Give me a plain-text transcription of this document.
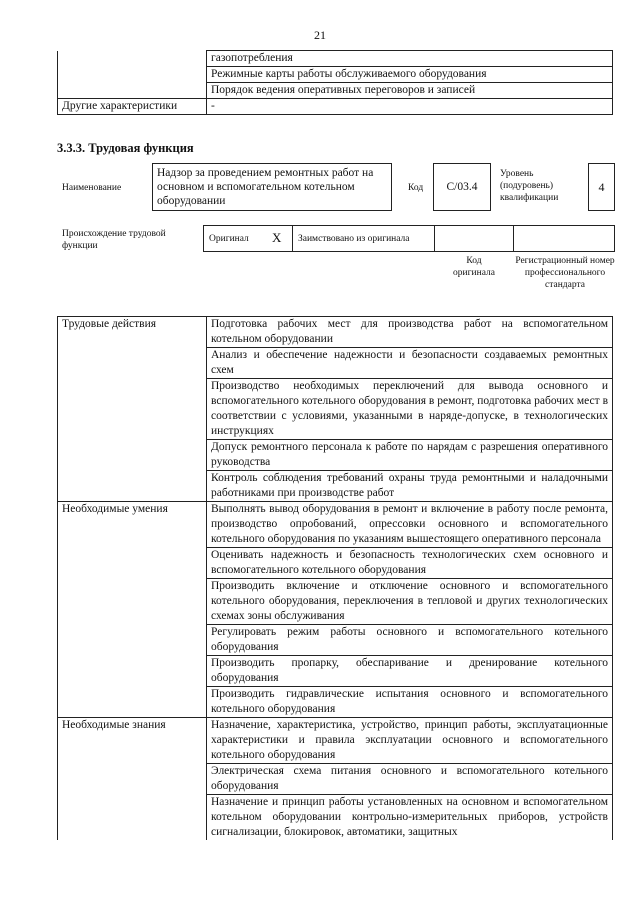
21
	газопотребления
	Режимные карты работы обслуживаемого оборудования
	Порядок ведения оперативных переговоров и записей
Другие характеристики	-
3.3.3. Трудовая функция
Наименование
Надзор за проведением ремонтных работ на основном и вспомогательном котельном оборудовании
Код	С/03.4
Уровень (подуровень) квалификации
4
Происхождение трудовой функции
Оригинал X Заимствовано из оригинала
Код оригинала
Регистрационный номер профессионального стандарта
Трудовые действия	Подготовка рабочих мест для производства работ на вспомогательном котельном оборудовании
	Анализ и обеспечение надежности и безопасности создаваемых ремонтных схем
	Производство необходимых переключений для вывода основного и вспомогательного котельного оборудования в ремонт, подготовка рабочих мест в соответствии с условиями, указанными в наряде-допуске, в технологических инструкциях
	Допуск ремонтного персонала к работе по нарядам с разрешения оперативного руководства
	Контроль соблюдения требований охраны труда ремонтными и наладочными работниками при производстве работ
Необходимые умения	Выполнять вывод оборудования в ремонт и включение в работу после ремонта, производство опробований, опрессовки основного и вспомогательного котельного оборудования по указаниям вышестоящего оперативного персонала
	Оценивать надежность и безопасность технологических схем основного и вспомогательного котельного оборудования
	Производить включение и отключение основного и вспомогательного котельного оборудования, переключения в тепловой и других технологических схемах зоны обслуживания
	Регулировать режим работы основного и вспомогательного котельного оборудования
	Производить пропарку, обеспаривание и дренирование котельного оборудования
	Производить гидравлические испытания основного и вспомогательного котельного оборудования
Необходимые знания	Назначение, характеристика, устройство, принцип работы, эксплуатационные характеристики и правила эксплуатации основного и вспомогательного котельного оборудования
	Электрическая схема питания основного и вспомогательного котельного оборудования
	Назначение и принцип работы установленных на основном и вспомогательном котельном оборудовании контрольно-измерительных приборов, устройств сигнализации, блокировок, автоматики, защитных
